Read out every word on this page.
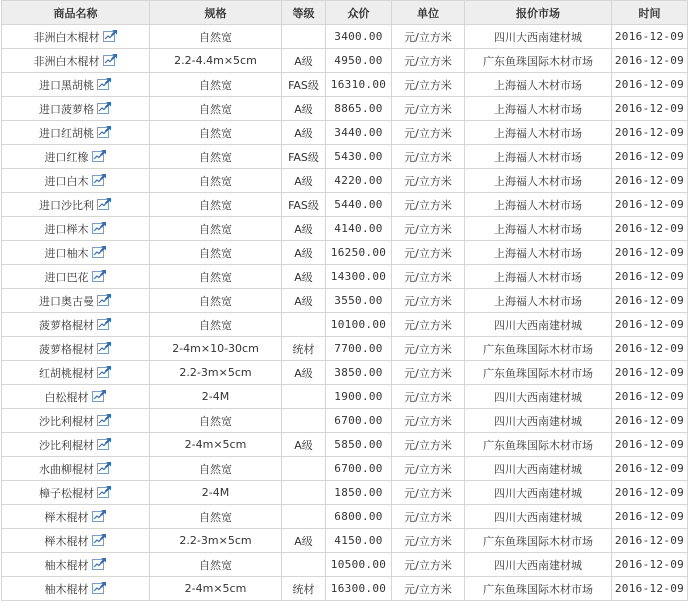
商品名称	规格	等级	众价	单位	报价市场	时间
非洲白木棍材	自然宽		3400.00	元/立方米	四川大西南建材城	2016-12-09
非洲白木棍材	2.2-4.4m×5cm	A级	4950.00	元/立方米	广东鱼珠国际木材市场	2016-12-09
进口黑胡桃	自然宽	FAS级	16310.00	元/立方米	上海福人木材市场	2016-12-09
进口菠萝格	自然宽	A级	8865.00	元/立方米	上海福人木材市场	2016-12-09
进口红胡桃	自然宽	A级	3440.00	元/立方米	上海福人木材市场	2016-12-09
进口红橡	自然宽	FAS级	5430.00	元/立方米	上海福人木材市场	2016-12-09
进口白木	自然宽	A级	4220.00	元/立方米	上海福人木材市场	2016-12-09
进口沙比利	自然宽	FAS级	5440.00	元/立方米	上海福人木材市场	2016-12-09
进口榉木	自然宽	A级	4140.00	元/立方米	上海福人木材市场	2016-12-09
进口柚木	自然宽	A级	16250.00	元/立方米	上海福人木材市场	2016-12-09
进口巴花	自然宽	A级	14300.00	元/立方米	上海福人木材市场	2016-12-09
进口奥古曼	自然宽	A级	3550.00	元/立方米	上海福人木材市场	2016-12-09
菠萝格棍材	自然宽		10100.00	元/立方米	四川大西南建材城	2016-12-09
菠萝格棍材	2-4m×10-30cm	统材	7700.00	元/立方米	广东鱼珠国际木材市场	2016-12-09
红胡桃棍材	2.2-3m×5cm	A级	3850.00	元/立方米	广东鱼珠国际木材市场	2016-12-09
白松棍材	2-4M		1900.00	元/立方米	四川大西南建材城	2016-12-09
沙比利棍材	自然宽		6700.00	元/立方米	四川大西南建材城	2016-12-09
沙比利棍材	2-4m×5cm	A级	5850.00	元/立方米	广东鱼珠国际木材市场	2016-12-09
水曲柳棍材	自然宽		6700.00	元/立方米	四川大西南建材城	2016-12-09
樟子松棍材	2-4M		1850.00	元/立方米	四川大西南建材城	2016-12-09
榉木棍材	自然宽		6800.00	元/立方米	四川大西南建材城	2016-12-09
榉木棍材	2.2-3m×5cm	A级	4150.00	元/立方米	广东鱼珠国际木材市场	2016-12-09
柚木棍材	自然宽		10500.00	元/立方米	四川大西南建材城	2016-12-09
柚木棍材	2-4m×5cm	统材	16300.00	元/立方米	广东鱼珠国际木材市场	2016-12-09
